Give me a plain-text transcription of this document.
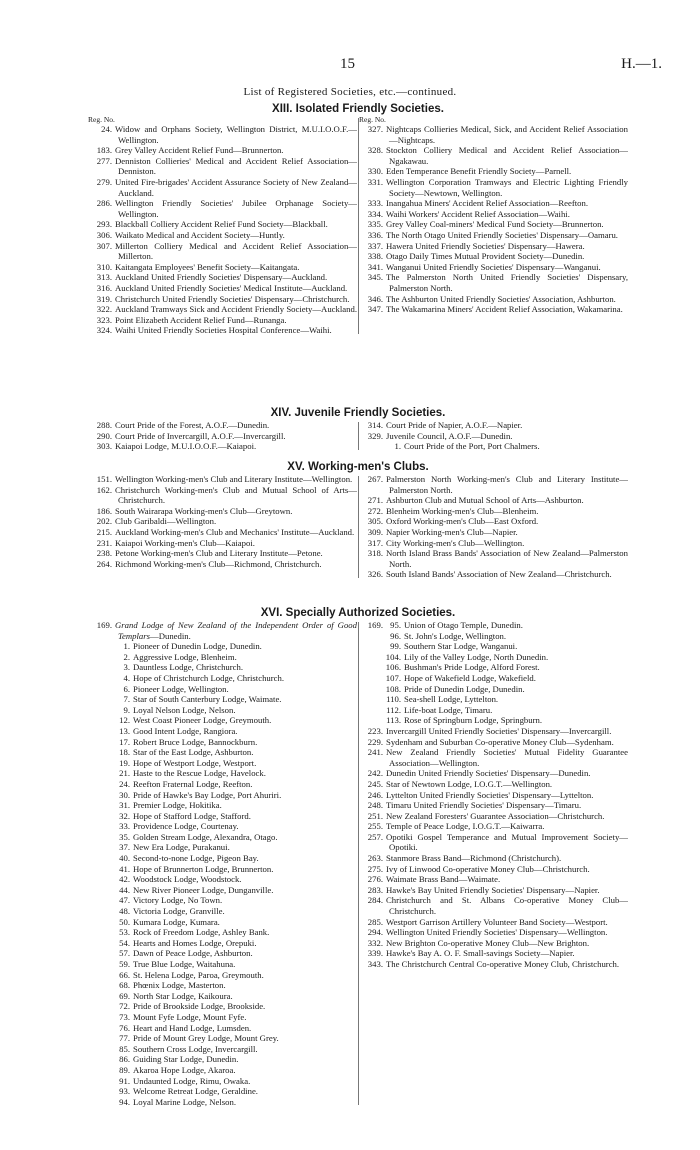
15	H.—1.
List of Registered Societies, etc.—continued.
XIII. Isolated Friendly Societies.
Reg. No.
24. Widow and Orphans Society, Wellington District, M.U.I.O.O.F.—Wellington.
183. Grey Valley Accident Relief Fund—Brunnerton.
277. Denniston Collieries' Medical and Accident Relief Association—Denniston.
279. United Fire-brigades' Accident Assurance Society of New Zealand—Auckland.
286. Wellington Friendly Societies' Jubilee Orphanage Society—Wellington.
293. Blackball Colliery Accident Relief Fund Society—Blackball.
306. Waikato Medical and Accident Society—Huntly.
307. Millerton Colliery Medical and Accident Relief Association—Millerton.
310. Kaitangata Employees' Benefit Society—Kaitangata.
313. Auckland United Friendly Societies' Dispensary—Auckland.
316. Auckland United Friendly Societies' Medical Institute—Auckland.
319. Christchurch United Friendly Societies' Dispensary—Christchurch.
322. Auckland Tramways Sick and Accident Friendly Society—Auckland.
323. Point Elizabeth Accident Relief Fund—Runanga.
324. Waihi United Friendly Societies Hospital Conference—Waihi.
Reg. No.
327. Nightcaps Collieries Medical, Sick, and Accident Relief Association—Nightcaps.
328. Stockton Colliery Medical and Accident Relief Association—Ngakawau.
330. Eden Temperance Benefit Friendly Society—Parnell.
331. Wellington Corporation Tramways and Electric Lighting Friendly Society—Newtown, Wellington.
333. Inangahua Miners' Accident Relief Association—Reefton.
334. Waihi Workers' Accident Relief Association—Waihi.
335. Grey Valley Coal-miners' Medical Fund Society—Brunnerton.
336. The North Otago United Friendly Societies' Dispensary—Oamaru.
337. Hawera United Friendly Societies' Dispensary—Hawera.
338. Otago Daily Times Mutual Provident Society—Dunedin.
341. Wanganui United Friendly Societies' Dispensary—Wanganui.
345. The Palmerston North United Friendly Societies' Dispensary, Palmerston North.
346. The Ashburton United Friendly Societies' Association, Ashburton.
347. The Wakamarina Miners' Accident Relief Association, Wakamarina.
XIV. Juvenile Friendly Societies.
288. Court Pride of the Forest, A.O.F.—Dunedin.
290. Court Pride of Invercargill, A.O.F.—Invercargill.
303. Kaiapoi Lodge, M.U.I.O.O.F.—Kaiapoi.
314. Court Pride of Napier, A.O.F.—Napier.
329. Juvenile Council, A.O.F.—Dunedin.
1. Court Pride of the Port, Port Chalmers.
XV. Working-men's Clubs.
151. Wellington Working-men's Club and Literary Institute—Wellington.
162. Christchurch Working-men's Club and Mutual School of Arts—Christchurch.
186. South Wairarapa Working-men's Club—Greytown.
202. Club Garibaldi—Wellington.
215. Auckland Working-men's Club and Mechanics' Institute—Auckland.
231. Kaiapoi Working-men's Club—Kaiapoi.
238. Petone Working-men's Club and Literary Institute—Petone.
264. Richmond Working-men's Club—Richmond, Christchurch.
267. Palmerston North Working-men's Club and Literary Institute—Palmerston North.
271. Ashburton Club and Mutual School of Arts—Ashburton.
272. Blenheim Working-men's Club—Blenheim.
305. Oxford Working-men's Club—East Oxford.
309. Napier Working-men's Club—Napier.
317. City Working-men's Club—Wellington.
318. North Island Brass Bands' Association of New Zealand—Palmerston North.
326. South Island Bands' Association of New Zealand—Christchurch.
XVI. Specially Authorized Societies.
169. Grand Lodge of New Zealand of the Independent Order of Good Templars—Dunedin.
1. Pioneer of Dunedin Lodge, Dunedin.
2. Aggressive Lodge, Blenheim.
3. Dauntless Lodge, Christchurch.
4. Hope of Christchurch Lodge, Christchurch.
6. Pioneer Lodge, Wellington.
7. Star of South Canterbury Lodge, Waimate.
9. Loyal Nelson Lodge, Nelson.
12. West Coast Pioneer Lodge, Greymouth.
13. Good Intent Lodge, Rangiora.
17. Robert Bruce Lodge, Bannockburn.
18. Star of the East Lodge, Ashburton.
19. Hope of Westport Lodge, Westport.
21. Haste to the Rescue Lodge, Havelock.
24. Reefton Fraternal Lodge, Reefton.
30. Pride of Hawke's Bay Lodge, Port Ahuriri.
31. Premier Lodge, Hokitika.
32. Hope of Stafford Lodge, Stafford.
33. Providence Lodge, Courtenay.
35. Golden Stream Lodge, Alexandra, Otago.
37. New Era Lodge, Purakanui.
40. Second-to-none Lodge, Pigeon Bay.
41. Hope of Brunnerton Lodge, Brunnerton.
42. Woodstock Lodge, Woodstock.
44. New River Pioneer Lodge, Dunganville.
47. Victory Lodge, No Town.
48. Victoria Lodge, Granville.
50. Kumara Lodge, Kumara.
53. Rock of Freedom Lodge, Ashley Bank.
54. Hearts and Homes Lodge, Orepuki.
57. Dawn of Peace Lodge, Ashburton.
59. True Blue Lodge, Waitahuna.
66. St. Helena Lodge, Paroa, Greymouth.
68. Phœnix Lodge, Masterton.
69. North Star Lodge, Kaikoura.
72. Pride of Brookside Lodge, Brookside.
73. Mount Fyfe Lodge, Mount Fyfe.
76. Heart and Hand Lodge, Lumsden.
77. Pride of Mount Grey Lodge, Mount Grey.
85. Southern Cross Lodge, Invercargill.
86. Guiding Star Lodge, Dunedin.
89. Akaroa Hope Lodge, Akaroa.
91. Undaunted Lodge, Rimu, Owaka.
93. Welcome Retreat Lodge, Geraldine.
94. Loyal Marine Lodge, Nelson.
169. 95. Union of Otago Temple, Dunedin.
96. St. John's Lodge, Wellington.
99. Southern Star Lodge, Wanganui.
104. Lily of the Valley Lodge, North Dunedin.
106. Bushman's Pride Lodge, Alford Forest.
107. Hope of Wakefield Lodge, Wakefield.
108. Pride of Dunedin Lodge, Dunedin.
110. Sea-shell Lodge, Lyttelton.
112. Life-boat Lodge, Timaru.
113. Rose of Springburn Lodge, Springburn.
223. Invercargill United Friendly Societies' Dispensary—Invercargill.
229. Sydenham and Suburban Co-operative Money Club—Sydenham.
241. New Zealand Friendly Societies' Mutual Fidelity Guarantee Association—Wellington.
242. Dunedin United Friendly Societies' Dispensary—Dunedin.
245. Star of Newtown Lodge, I.O.G.T.—Wellington.
246. Lyttelton United Friendly Societies' Dispensary—Lyttelton.
248. Timaru United Friendly Societies' Dispensary—Timaru.
251. New Zealand Foresters' Guarantee Association—Christchurch.
255. Temple of Peace Lodge, I.O.G.T.—Kaiwarra.
257. Opotiki Gospel Temperance and Mutual Improvement Society—Opotiki.
263. Stanmore Brass Band—Richmond (Christchurch).
275. Ivy of Linwood Co-operative Money Club—Christchurch.
276. Waimate Brass Band—Waimate.
283. Hawke's Bay United Friendly Societies' Dispensary—Napier.
284. Christchurch and St. Albans Co-operative Money Club—Christchurch.
285. Westport Garrison Artillery Volunteer Band Society—Westport.
294. Wellington United Friendly Societies' Dispensary—Wellington.
332. New Brighton Co-operative Money Club—New Brighton.
339. Hawke's Bay A. O. F. Small-savings Society—Napier.
343. The Christchurch Central Co-operative Money Club, Christchurch.
